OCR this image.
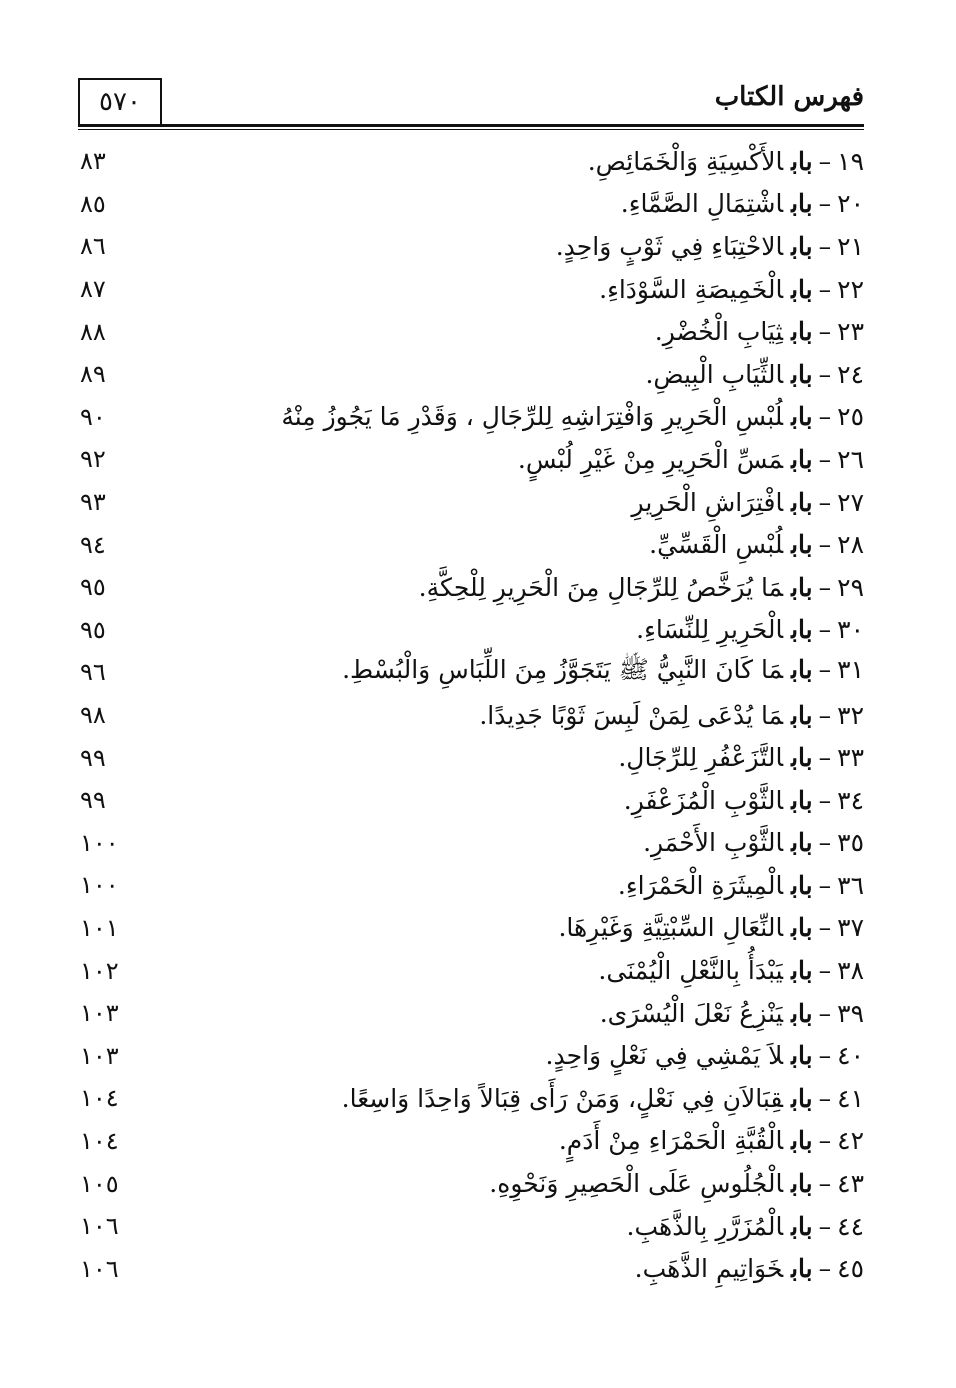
٥٧٠	فهرس الكتاب
٨٣	١٩–بابالأَكْسِيَةِ وَالْخَمَائِصِ.
٨٥	٢٠–باباشْتِمَالِ الصَّمَّاءِ.
٨٦	٢١–بابالاحْتِبَاءِ فِي ثَوْبٍ وَاحِدٍ.
٨٧	٢٢–بابالْخَمِيصَةِ السَّوْدَاءِ.
٨٨	٢٣–بابثِيَابِ الْخُضْرِ.
٨٩	٢٤–بابالثِّيَابِ الْبِيضِ.
٩٠	٢٥–بابلُبْسِ الْحَرِيرِ وَافْتِرَاشِهِ لِلرِّجَالِ ، وَقَدْرِ مَا يَجُوزُ مِنْهُ
٩٢	٢٦–بابمَسِّ الْحَرِيرِ مِنْ غَيْرِ لُبْسٍ.
٩٣	٢٧–بابافْتِرَاشِ الْحَرِيرِ
٩٤	٢٨–بابلُبْسِ الْقَسِّيِّ.
٩٥	٢٩–بابمَا يُرَخَّصُ لِلرِّجَالِ مِنَ الْحَرِيرِ لِلْحِكَّةِ.
٩٥	٣٠–بابالْحَرِيرِ لِلنِّسَاءِ.
٩٦	٣١–بابمَا كَانَ النَّبِيُّ ﷺ يَتَجَوَّزُ مِنَ اللِّبَاسِ وَالْبُسْطِ.
٩٨	٣٢–بابمَا يُدْعَى لِمَنْ لَبِسَ ثَوْبًا جَدِيدًا.
٩٩	٣٣–بابالتَّزَعْفُرِ لِلرِّجَالِ.
٩٩	٣٤–بابالثَّوْبِ الْمُزَعْفَرِ.
١٠٠	٣٥–بابالثَّوْبِ الأَحْمَرِ.
١٠٠	٣٦–بابالْمِيثَرَةِ الْحَمْرَاءِ.
١٠١	٣٧–بابالنِّعَالِ السِّبْتِيَّةِ وَغَيْرِهَا.
١٠٢	٣٨–بابيَبْدَأُ بِالنَّعْلِ الْيُمْنَى.
١٠٣	٣٩–بابيَنْزِعُ نَعْلَ الْيُسْرَى.
١٠٣	٤٠–بابلاَ يَمْشِي فِي نَعْلٍ وَاحِدٍ.
١٠٤	٤١–بابقِبَالاَنِ فِي نَعْلٍ، وَمَنْ رَأَى قِبَالاً وَاحِدًا وَاسِعًا.
١٠٤	٤٢–بابالْقُبَّةِ الْحَمْرَاءِ مِنْ أَدَمٍ.
١٠٥	٤٣–بابالْجُلُوسِ عَلَى الْحَصِيرِ وَنَحْوِهِ.
١٠٦	٤٤–بابالْمُزَرَّرِ بِالذَّهَبِ.
١٠٦	٤٥–بابخَوَاتِيمِ الذَّهَبِ.
